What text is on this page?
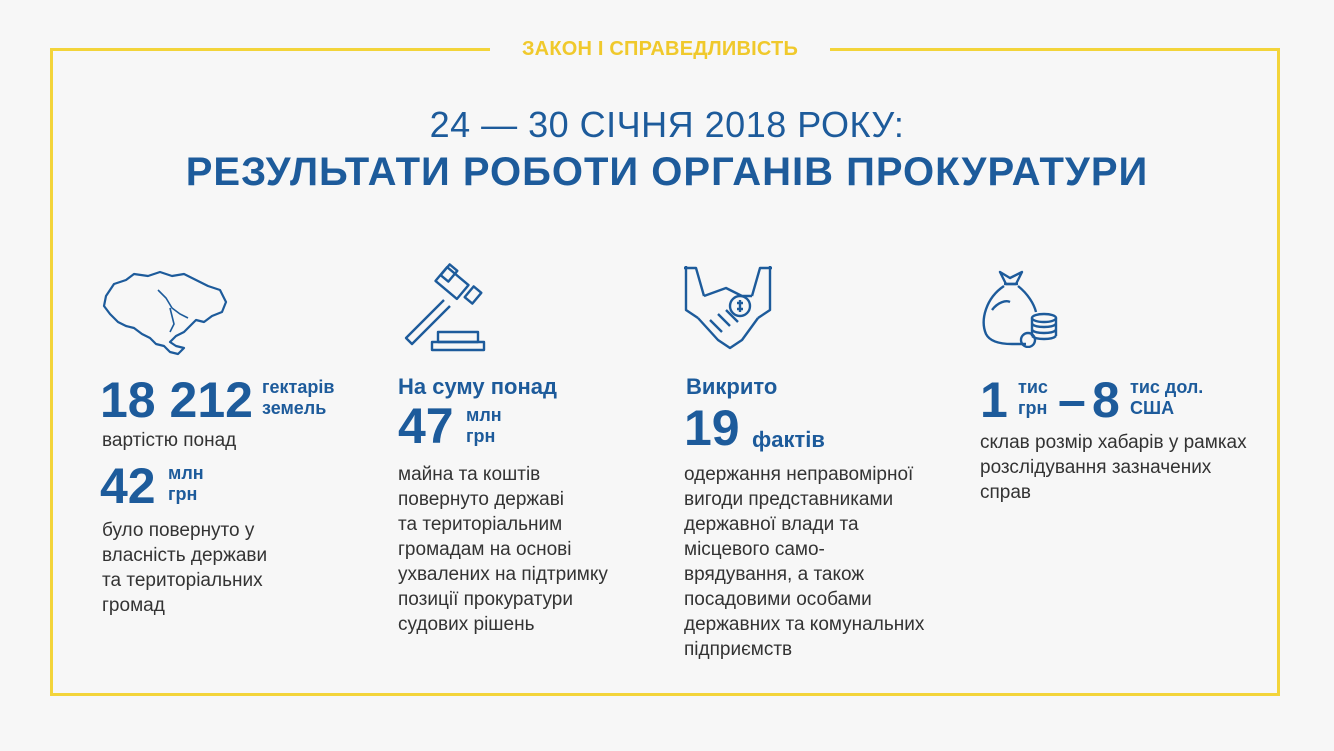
ЗАКОН І СПРАВЕДЛИВІСТЬ
24 — 30 СІЧНЯ 2018 РОКУ:
РЕЗУЛЬТАТИ РОБОТИ ОРГАНІВ ПРОКУРАТУРИ
18 212 гектарів
земель
вартістю понад
42 млн
грн
було повернуто у
власність держави
та територіальних
громад
На суму понад
47 млн
грн
майна та коштів
повернуто державі
та територіальним
громадам на основі
ухвалених на підтримку
позиції прокуратури
судових рішень
Викрито
19 фактів
одержання неправомірної
вигоди представниками
державної влади та
місцевого само-
врядування, а також
посадовими особами
державних та комунальних
підприємств
1 тис
грн – 8 тис дол.
США
склав розмір хабарів у рамках
розслідування зазначених
справ
